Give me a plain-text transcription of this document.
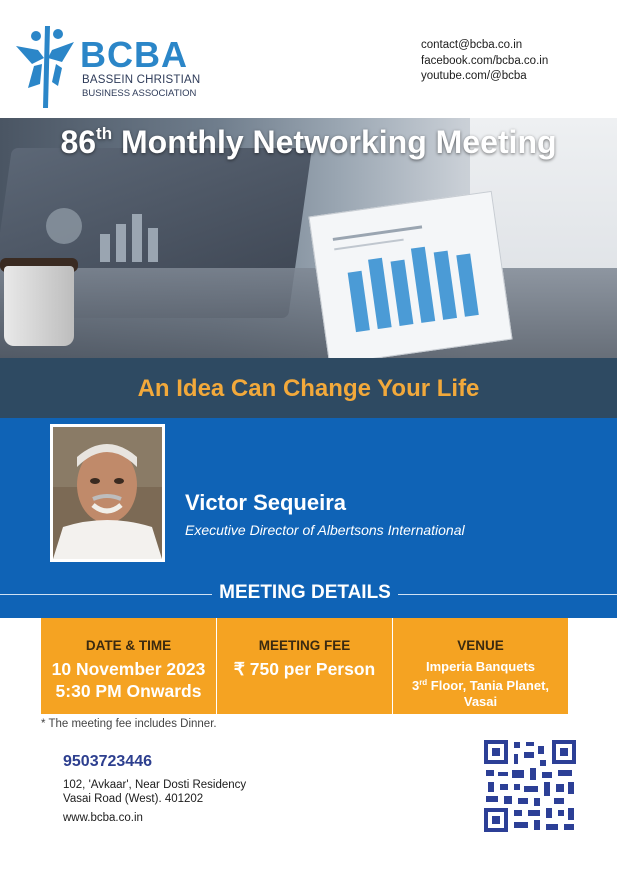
BCBA
BASSEIN CHRISTIAN
BUSINESS ASSOCIATION
contact@bcba.co.in
facebook.com/bcba.co.in
youtube.com/@bcba
86th Monthly Networking Meeting
An Idea Can Change Your Life
Victor Sequeira
Executive Director of Albertsons International
MEETING DETAILS
DATE & TIME
10 November 2023
5:30 PM Onwards
MEETING FEE
₹ 750 per Person
VENUE
Imperia Banquets
3rd Floor, Tania Planet,
Vasai
* The meeting fee includes Dinner.
9503723446
102, 'Avkaar', Near Dosti Residency
Vasai Road (West). 401202
www.bcba.co.in
